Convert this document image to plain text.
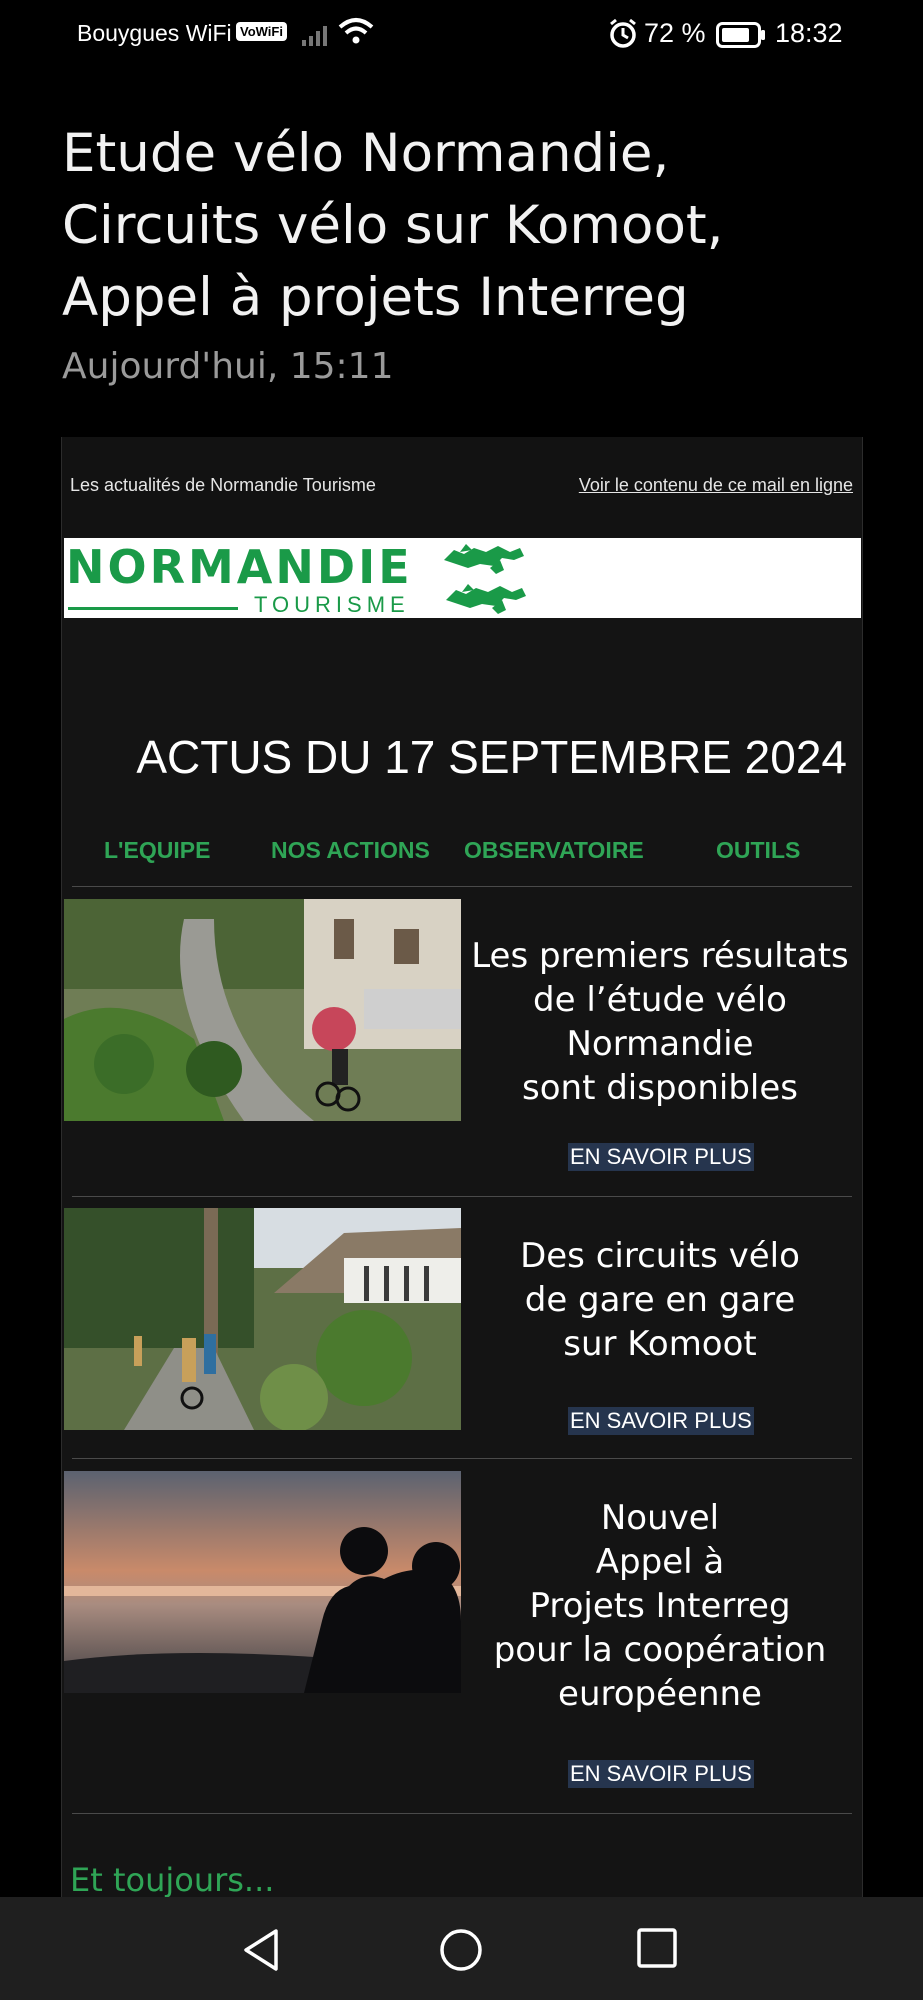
Bouygues WiFi VoWiFi	72 %	18:32
Etude vélo Normandie, Circuits vélo sur Komoot, Appel à projets Interreg
Aujourd'hui, 15:11
Les actualités de Normandie Tourisme	Voir le contenu de ce mail en ligne
NORMANDIE
TOURISME
ACTUS DU 17 SEPTEMBRE 2024
L'EQUIPE	NOS ACTIONS OBSERVATOIRE	OUTILS
Les premiers résultats
de l’étude vélo
Normandie
sont disponibles
EN SAVOIR PLUS
Des circuits vélo
de gare en gare
sur Komoot
EN SAVOIR PLUS
Nouvel
Appel à
Projets Interreg
pour la coopération
européenne
EN SAVOIR PLUS
Et toujours...
